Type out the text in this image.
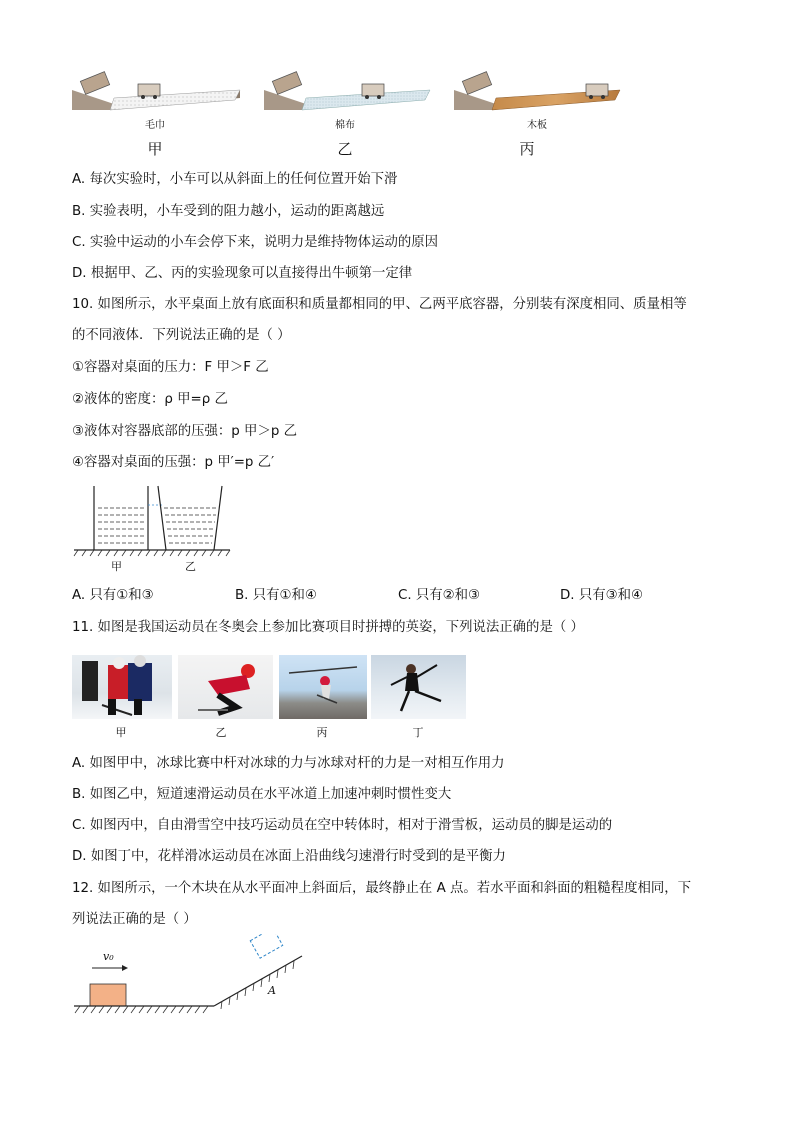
毛巾	棉布	木板
甲	乙	丙
A. 每次实验时，小车可以从斜面上的任何位置开始下滑
B. 实验表明，小车受到的阻力越小，运动的距离越远
C. 实验中运动的小车会停下来，说明力是维持物体运动的原因
D. 根据甲、乙、丙的实验现象可以直接得出牛顿第一定律
10. 如图所示，水平桌面上放有底面积和质量都相同的甲、乙两平底容器，分别装有深度相同、质量相等
的不同液体．下列说法正确的是（ ）
①容器对桌面的压力：F 甲＞F 乙
②液体的密度：ρ 甲=ρ 乙
③液体对容器底部的压强：p 甲＞p 乙
④容器对桌面的压强：p 甲′=p 乙′
甲	乙
A. 只有①和③	B. 只有①和④	C. 只有②和③	D. 只有③和④
11. 如图是我国运动员在冬奥会上参加比赛项目时拼搏的英姿，下列说法正确的是（ ）
甲	乙	丙	丁
A. 如图甲中，冰球比赛中杆对冰球的力与冰球对杆的力是一对相互作用力
B. 如图乙中，短道速滑运动员在水平冰道上加速冲刺时惯性变大
C. 如图丙中，自由滑雪空中技巧运动员在空中转体时，相对于滑雪板，运动员的脚是运动的
D. 如图丁中，花样滑冰运动员在冰面上沿曲线匀速滑行时受到的是平衡力
12. 如图所示，一个木块在从水平面冲上斜面后，最终静止在 A 点。若水平面和斜面的粗糙程度相同，下
列说法正确的是（ ）
v₀
A
